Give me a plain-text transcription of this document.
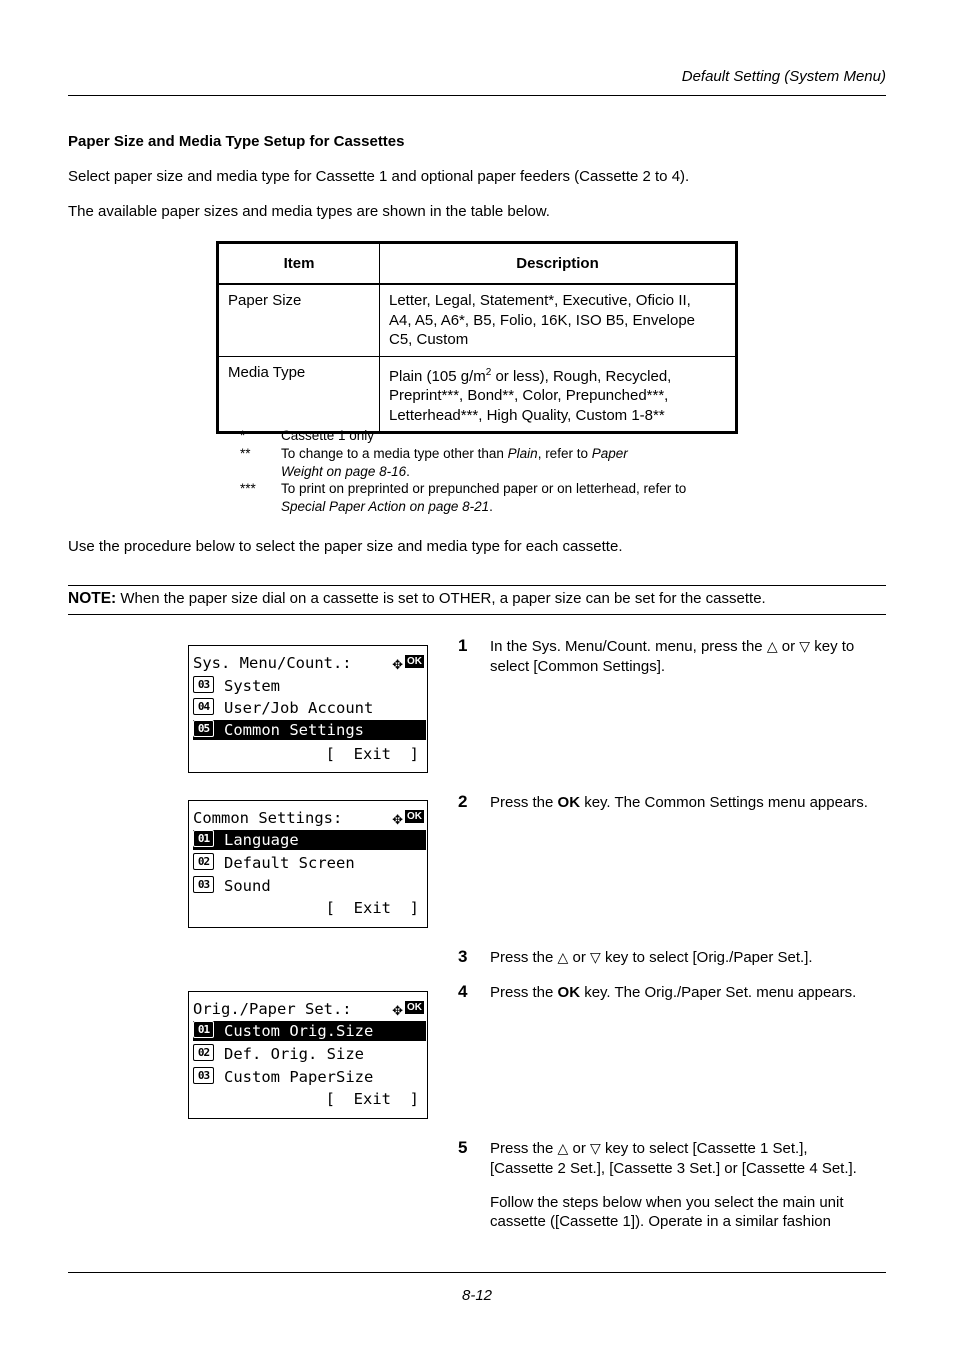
Default Setting (System Menu)
Paper Size and Media Type Setup for Cassettes
Select paper size and media type for Cassette 1 and optional paper feeders (Cassette 2 to 4).
The available paper sizes and media types are shown in the table below.
Item	Description
Paper Size	Letter, Legal, Statement*, Executive, Oficio II,
A4, A5, A6*, B5, Folio, 16K, ISO B5, Envelope
C5, Custom
Media Type	Plain (105 $g/m^2$ or less), Rough, Recycled,
Preprint***, Bond**, Color, Prepunched***,
Letterhead***, High Quality, Custom 1-8**
*	Cassette 1 only
** To change to a media type other than Plain, refer to Paper
Weight on page 8-16.
*** To print on preprinted or prepunched paper or on letterhead, refer to
Special Paper Action on page 8-21.
Use the procedure below to select the paper size and media type for each cassette.
NOTE: When the paper size dial on a cassette is set to OTHER, a paper size can be set for the cassette.
Sys. Menu/Count.:	✥ OK
03 System
04 User/Job Account
05 Common Settings
[  Exit  ]
Common Settings:	✥ OK
01 Language
02 Default Screen
03 Sound
[  Exit  ]
Orig./Paper Set.:	✥ OK
01 Custom Orig.Size
02 Def. Orig. Size
03 Custom PaperSize
[  Exit  ]
1 In the Sys. Menu/Count. menu, press the △ or ▽ key to
select [Common Settings].
2 Press the OK key. The Common Settings menu appears.
3 Press the △ or ▽ key to select [Orig./Paper Set.].
4 Press the OK key. The Orig./Paper Set. menu appears.
5 Press the △ or ▽ key to select [Cassette 1 Set.],
[Cassette 2 Set.], [Cassette 3 Set.] or [Cassette 4 Set.].
Follow the steps below when you select the main unit
cassette ([Cassette 1]). Operate in a similar fashion
8-12
